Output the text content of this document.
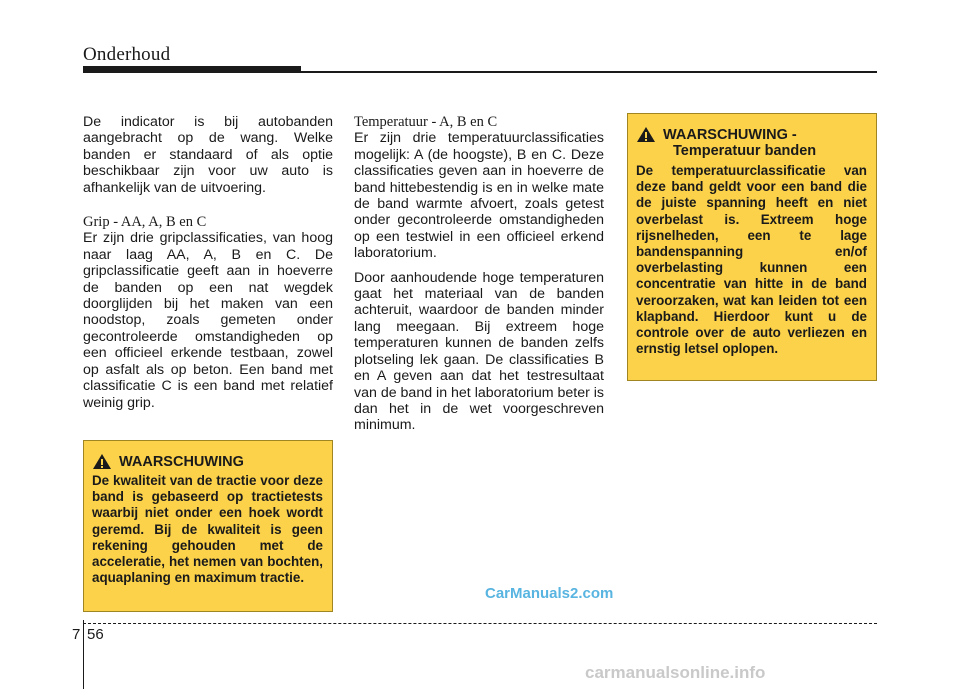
Onderhoud

De indicator is bij autobanden aangebracht op de wang. Welke banden er standaard of als optie beschikbaar zijn voor uw auto is afhankelijk van de uitvoering.

Grip - AA, A, B en C

Er zijn drie gripclassificaties, van hoog naar laag AA, A, B en C. De gripclassificatie geeft aan in hoeverre de banden op een nat wegdek doorglijden bij het maken van een noodstop, zoals gemeten onder gecontroleerde omstandigheden op een officieel erkende testbaan, zowel op asfalt als op beton. Een band met classificatie C is een band met relatief weinig grip.

Temperatuur - A, B en C

Er zijn drie temperatuurclassificaties mogelijk: A (de hoogste), B en C. Deze classificaties geven aan in hoeverre de band hittebestendig is en in welke mate de band warmte afvoert, zoals getest onder gecontroleerde omstandigheden op een testwiel in een officieel erkend laboratorium.

Door aanhoudende hoge temperaturen gaat het materiaal van de banden achteruit, waardoor de banden minder lang meegaan. Bij extreem hoge temperaturen kunnen de banden zelfs plotseling lek gaan. De classificaties B en A geven aan dat het testresultaat van de band in het laboratorium beter is dan het in de wet voorgeschreven minimum.

WAARSCHUWING
De kwaliteit van de tractie voor deze band is gebaseerd op tractietests waarbij niet onder een hoek wordt geremd. Bij de kwaliteit is geen rekening gehouden met de acceleratie, het nemen van bochten, aquaplaning en maximum tractie.
WAARSCHUWING -
Temperatuur banden
De temperatuurclassificatie van deze band geldt voor een band die de juiste spanning heeft en niet overbelast is. Extreem hoge rijsnelheden, een te lage bandenspanning en/of overbelasting kunnen een concentratie van hitte in de band veroorzaken, wat kan leiden tot een klapband. Hierdoor kunt u de controle over de auto verliezen en ernstig letsel oplopen.
CarManuals2.com
7 56
carmanualsonline.info
